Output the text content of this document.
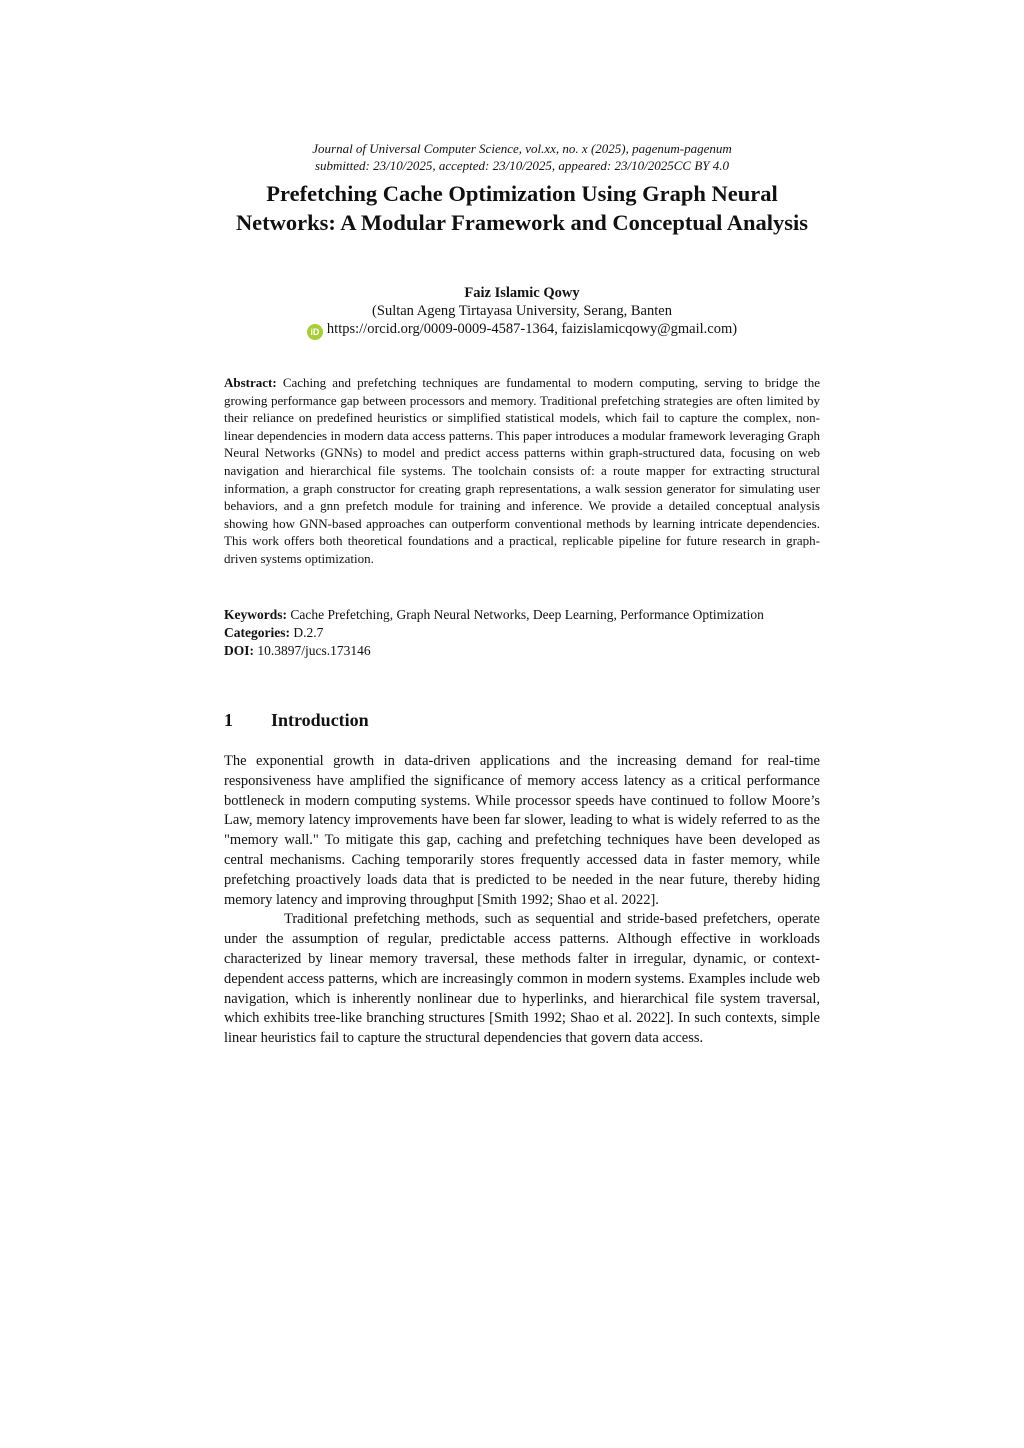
Journal of Universal Computer Science, vol.xx, no. x (2025), pagenum-pagenum
submitted: 23/10/2025, accepted: 23/10/2025, appeared: 23/10/2025CC BY 4.0
Prefetching Cache Optimization Using Graph Neural Networks: A Modular Framework and Conceptual Analysis
Faiz Islamic Qowy
(Sultan Ageng Tirtayasa University, Serang, Banten
iD https://orcid.org/0009-0009-4587-1364, faizislamicqowy@gmail.com)
Abstract: Caching and prefetching techniques are fundamental to modern computing, serving to bridge the growing performance gap between processors and memory. Traditional prefetching strategies are often limited by their reliance on predefined heuristics or simplified statistical models, which fail to capture the complex, non-linear dependencies in modern data access patterns. This paper introduces a modular framework leveraging Graph Neural Networks (GNNs) to model and predict access patterns within graph-structured data, focusing on web navigation and hierarchical file systems. The toolchain consists of: a route mapper for extracting structural information, a graph constructor for creating graph representations, a walk session generator for simulating user behaviors, and a gnn prefetch module for training and inference. We provide a detailed conceptual analysis showing how GNN-based approaches can outperform conventional methods by learning intricate dependencies. This work offers both theoretical foundations and a practical, replicable pipeline for future research in graph-driven systems optimization.
Keywords: Cache Prefetching, Graph Neural Networks, Deep Learning, Performance Optimization
Categories: D.2.7
DOI: 10.3897/jucs.173146
1 Introduction

The exponential growth in data-driven applications and the increasing demand for real-time responsiveness have amplified the significance of memory access latency as a critical performance bottleneck in modern computing systems. While processor speeds have continued to follow Moore’s Law, memory latency improvements have been far slower, leading to what is widely referred to as the "memory wall." To mitigate this gap, caching and prefetching techniques have been developed as central mechanisms. Caching temporarily stores frequently accessed data in faster memory, while prefetching proactively loads data that is predicted to be needed in the near future, thereby hiding memory latency and improving throughput [Smith 1992; Shao et al. 2022].

Traditional prefetching methods, such as sequential and stride-based prefetchers, operate under the assumption of regular, predictable access patterns. Although effective in workloads characterized by linear memory traversal, these methods falter in irregular, dynamic, or context-dependent access patterns, which are increasingly common in modern systems. Examples include web navigation, which is inherently nonlinear due to hyperlinks, and hierarchical file system traversal, which exhibits tree-like branching structures [Smith 1992; Shao et al. 2022]. In such contexts, simple linear heuristics fail to capture the structural dependencies that govern data access.
